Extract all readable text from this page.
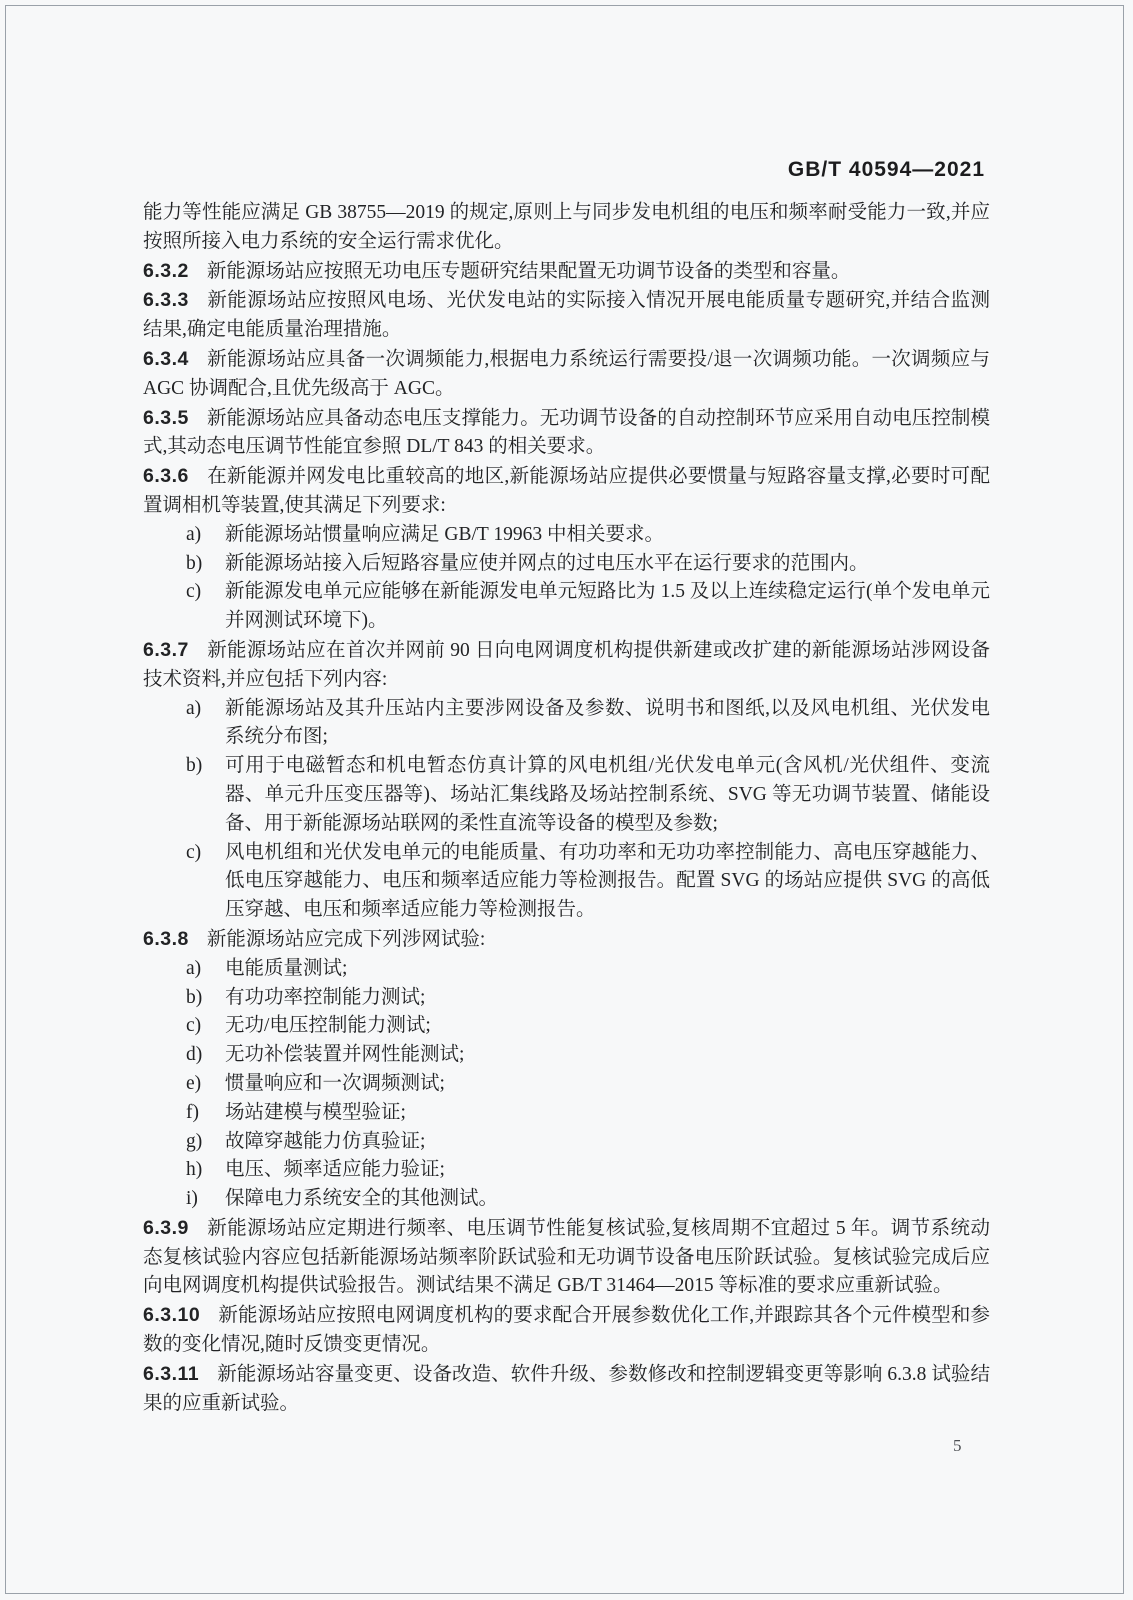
GB/T 40594—2021

能力等性能应满足 GB 38755—2019 的规定,原则上与同步发电机组的电压和频率耐受能力一致,并应按照所接入电力系统的安全运行需求优化。

6.3.2 新能源场站应按照无功电压专题研究结果配置无功调节设备的类型和容量。

6.3.3 新能源场站应按照风电场、光伏发电站的实际接入情况开展电能质量专题研究,并结合监测结果,确定电能质量治理措施。

6.3.4 新能源场站应具备一次调频能力,根据电力系统运行需要投/退一次调频功能。一次调频应与 AGC 协调配合,且优先级高于 AGC。

6.3.5 新能源场站应具备动态电压支撑能力。无功调节设备的自动控制环节应采用自动电压控制模式,其动态电压调节性能宜参照 DL/T 843 的相关要求。

6.3.6 在新能源并网发电比重较高的地区,新能源场站应提供必要惯量与短路容量支撑,必要时可配置调相机等装置,使其满足下列要求:

a)	新能源场站惯量响应满足 GB/T 19963 中相关要求。
b)	新能源场站接入后短路容量应使并网点的过电压水平在运行要求的范围内。
c)	新能源发电单元应能够在新能源发电单元短路比为 1.5 及以上连续稳定运行(单个发电单元并网测试环境下)。

6.3.7 新能源场站应在首次并网前 90 日向电网调度机构提供新建或改扩建的新能源场站涉网设备技术资料,并应包括下列内容:

a)	新能源场站及其升压站内主要涉网设备及参数、说明书和图纸,以及风电机组、光伏发电系统分布图;
b)	可用于电磁暂态和机电暂态仿真计算的风电机组/光伏发电单元(含风机/光伏组件、变流器、单元升压变压器等)、场站汇集线路及场站控制系统、SVG 等无功调节装置、储能设备、用于新能源场站联网的柔性直流等设备的模型及参数;
c)	风电机组和光伏发电单元的电能质量、有功功率和无功功率控制能力、高电压穿越能力、低电压穿越能力、电压和频率适应能力等检测报告。配置 SVG 的场站应提供 SVG 的高低压穿越、电压和频率适应能力等检测报告。

6.3.8 新能源场站应完成下列涉网试验:

a)	电能质量测试;
b)	有功功率控制能力测试;
c)	无功/电压控制能力测试;
d)	无功补偿装置并网性能测试;
e)	惯量响应和一次调频测试;
f)	场站建模与模型验证;
g)	故障穿越能力仿真验证;
h)	电压、频率适应能力验证;
i)	保障电力系统安全的其他测试。

6.3.9 新能源场站应定期进行频率、电压调节性能复核试验,复核周期不宜超过 5 年。调节系统动态复核试验内容应包括新能源场站频率阶跃试验和无功调节设备电压阶跃试验。复核试验完成后应向电网调度机构提供试验报告。测试结果不满足 GB/T 31464—2015 等标准的要求应重新试验。

6.3.10 新能源场站应按照电网调度机构的要求配合开展参数优化工作,并跟踪其各个元件模型和参数的变化情况,随时反馈变更情况。

6.3.11 新能源场站容量变更、设备改造、软件升级、参数修改和控制逻辑变更等影响 6.3.8 试验结果的应重新试验。

5
